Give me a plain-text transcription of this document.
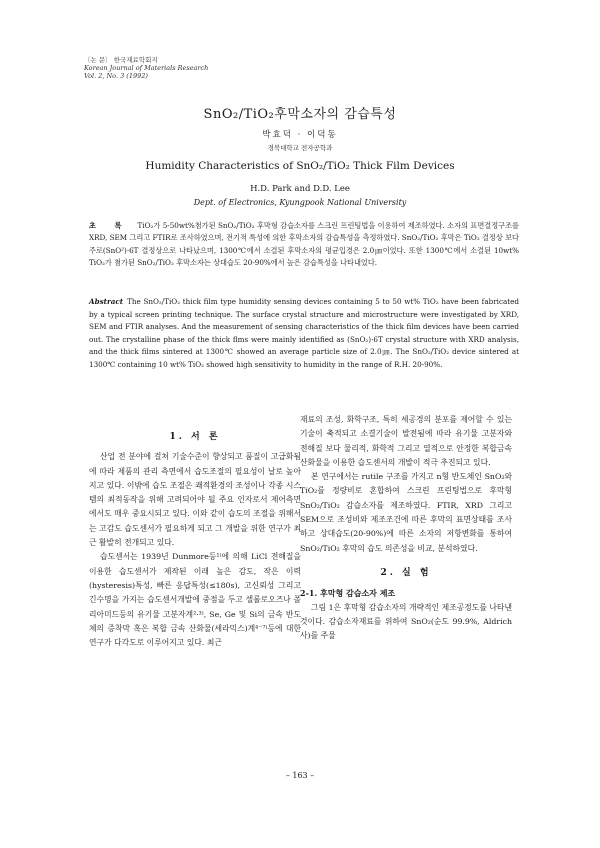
〔논 문〕 한국재료학회지
Korean Journal of Materials Research
Vol. 2, No. 3 (1992)
SnO₂/TiO₂후막소자의 감습특성
박효덕 · 이덕동
경북대학교 전자공학과
Humidity Characteristics of SnO₂/TiO₂ Thick Film Devices
H.D. Park and D.D. Lee
Dept. of Electronics, Kyungpook National University
초 록 TiO₂가 5-50wt%첨가된 SnO₂/TiO₂ 후막형 감습소자를 스크린 프린팅법을 이용하여 제조하였다. 소자의 표면결정구조를 XRD, SEM 그리고 FTIR로 조사하였으며, 전기적 특성에 의한 후막소자의 감습특성을 측정하였다. SnO₂/TiO₂ 후막은 TiO₂ 결정상 보다 주로(SnO²)·6T 결정상으로 나타났으며, 1300℃에서 소결된 후막소자의 평균입경은 2.0㎛이었다. 또한 1300℃에서 소결된 10wt% TiO₂가 첨가된 SnO₂/TiO₂ 후막소자는 상대습도 20-90%에서 높은 감습특성을 나타내었다.
Abstract The SnO₂/TiO₂ thick film type humidity sensing devices containing 5 to 50 wt% TiO₂ have been fabricated by a typical screen printing technique. The surface crystal structure and microstructure were investigated by XRD, SEM and FTIR analyses. And the measurement of sensing characteristics of the thick film devices have been carried out. The crystalline phase of the thick flms were mainly identified as (SnO₂)·6T crystal structure with XRD analysis, and the thick films sintered at 1300℃ showed an average particle size of 2.0㎛. The SnO₂/TiO₂ device sintered at 1300℃ containing 10 wt% TiO₂ showed high sensitivity to humidity in the range of R.H. 20-90%.
1. 서 론

산업 전 분야에 걸쳐 기술수준이 향상되고 품질이 고급화됨에 따라 제품의 관리 측면에서 습도조절의 필요성이 날로 높아지고 있다. 이밖에 습도 조절은 쾌적환경의 조성이나 각종 시스템의 최적동작을 위해 고려되어야 될 주요 인자로서 제어측면에서도 매우 중요시되고 있다. 이와 같이 습도의 조절을 위해서는 고감도 습도센서가 필요하게 되고 그 개발을 위한 연구가 최근 활발히 전개되고 있다.

습도센서는 1939년 Dunmore등¹⁾에 의해 LiCl 전해질을 이용한 습도센서가 제작된 이래 높은 감도, 작은 이력(hysteresis)특성, 빠른 응답특성(≤180s), 고신뢰성 그리고 긴수명을 가지는 습도센서개발에 중점을 두고 셀룰로오즈나 폴리아미드등의 유기물 고분자계²·³⁾, Se, Ge 및 Si의 금속 반도체의 증착막 혹은 복합 금속 산화물(세라믹스)계⁴⁻⁷⁾등에 대한 연구가 다각도로 이루어지고 있다. 최근

재료의 조성, 화학구조, 특히 세공경의 분포를 제어할 수 있는 기술이 축적되고 소결기술이 발전됨에 따라 유기물 고분자와 전해질 보다 물리적, 화학적 그리고 열적으로 안정한 복합금속 산화물을 이용한 습도센서의 개발이 적극 추진되고 있다.

본 연구에서는 rutile 구조를 가지고 n형 반도체인 SnO₂와 TiO₂를 정량비로 혼합하여 스크린 프린팅법으로 후막형 SnO₂/TiO₂ 감습소자를 제조하였다. FTIR, XRD 그리고 SEM으로 조성비와 제조조건에 따른 후막의 표면상태를 조사하고 상대습도(20-90%)에 따른 소자의 저항변화를 통하여 SnO₂/TiO₂ 후막의 습도 의존성을 비교, 분석하였다.

2. 실 험
2-1. 후막형 감습소자 제조

그림 1은 후막형 감습소자의 개략적인 제조공정도를 나타낸 것이다. 감습소자재료를 위하여 SnO₂(순도 99.9%, Aldrich사)를 주물

– 163 –
